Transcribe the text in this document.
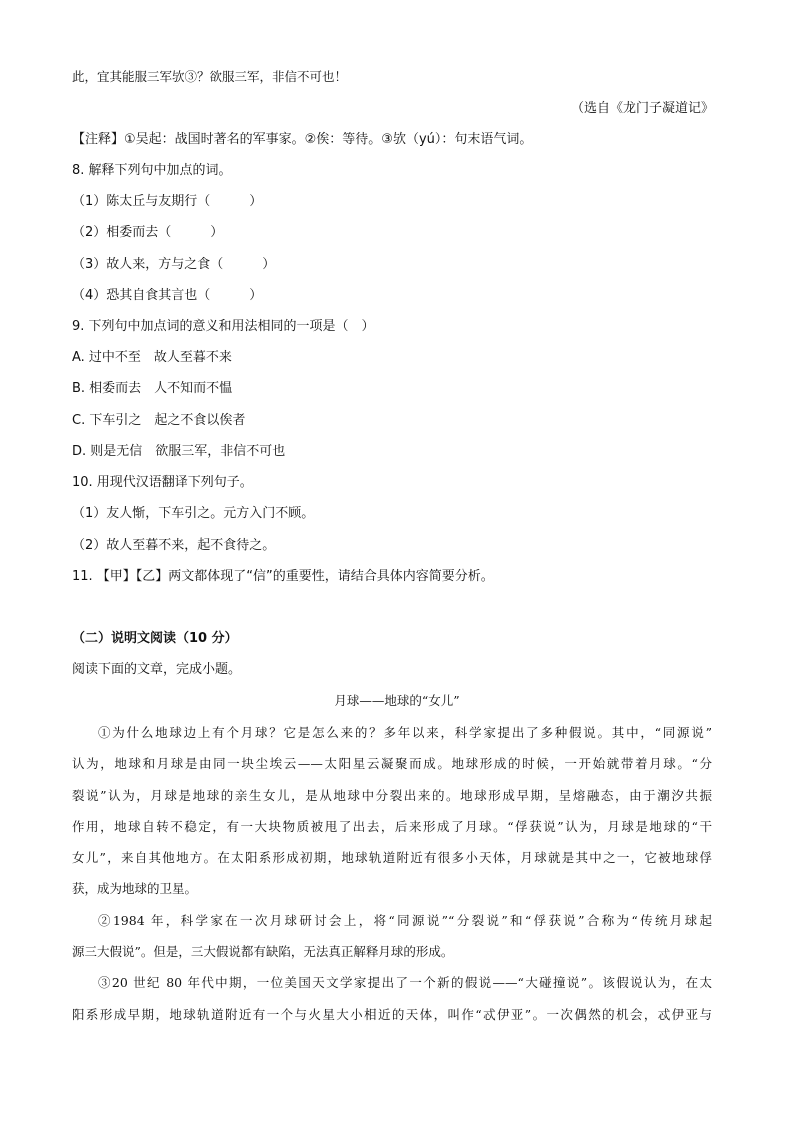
此，宜其能服三军欤③？欲服三军，非信不可也！
（选自《龙门子凝道记》
【注释】①吴起：战国时著名的军事家。②俟：等待。③欤（yú）：句末语气词。
8. 解释下列句中加点的词。
（1）陈太丘与友期行（　　　）
（2）相委而去（　　　）
（3）故人来，方与之食（　　　）
（4）恐其自食其言也（　　　）
9. 下列句中加点词的意义和用法相同的一项是（　）
A. 过中不至　故人至暮不来
B. 相委而去　人不知而不愠
C. 下车引之　起之不食以俟者
D. 则是无信　欲服三军，非信不可也
10. 用现代汉语翻译下列句子。
（1）友人惭，下车引之。元方入门不顾。
（2）故人至暮不来，起不食待之。
11. 【甲】【乙】两文都体现了“信”的重要性，请结合具体内容简要分析。
（二）说明文阅读（10 分）
阅读下面的文章，完成小题。
月球——地球的“女儿”
①为什么地球边上有个月球？它是怎么来的？多年以来，科学家提出了多种假说。其中，“同源说”
认为，地球和月球是由同一块尘埃云——太阳星云凝聚而成。地球形成的时候，一开始就带着月球。“分
裂说”认为，月球是地球的亲生女儿，是从地球中分裂出来的。地球形成早期，呈熔融态，由于潮汐共振
作用，地球自转不稳定，有一大块物质被甩了出去，后来形成了月球。“俘获说”认为，月球是地球的“干
女儿”，来自其他地方。在太阳系形成初期，地球轨道附近有很多小天体，月球就是其中之一，它被地球俘
获，成为地球的卫星。
②1984 年，科学家在一次月球研讨会上，将“同源说”“分裂说”和“俘获说”合称为“传统月球起
源三大假说”。但是，三大假说都有缺陷，无法真正解释月球的形成。
③20 世纪 80 年代中期，一位美国天文学家提出了一个新的假说——“大碰撞说”。该假说认为，在太
阳系形成早期，地球轨道附近有一个与火星大小相近的天体，叫作“忒伊亚”。一次偶然的机会，忒伊亚与
